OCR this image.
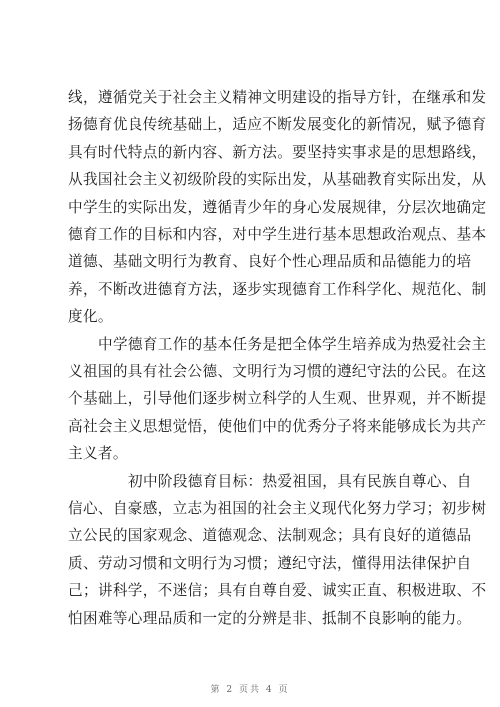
线，遵循党关于社会主义精神文明建设的指导方针，在继承和发
扬德育优良传统基础上，适应不断发展变化的新情况，赋予德育
具有时代特点的新内容、新方法。要坚持实事求是的思想路线，
从我国社会主义初级阶段的实际出发，从基础教育实际出发，从
中学生的实际出发，遵循青少年的身心发展规律，分层次地确定
德育工作的目标和内容，对中学生进行基本思想政治观点、基本
道德、基础文明行为教育、良好个性心理品质和品德能力的培
养，不断改进德育方法，逐步实现德育工作科学化、规范化、制
度化。
中学德育工作的基本任务是把全体学生培养成为热爱社会主
义祖国的具有社会公德、文明行为习惯的遵纪守法的公民。在这
个基础上，引导他们逐步树立科学的人生观、世界观，并不断提
高社会主义思想觉悟，使他们中的优秀分子将来能够成长为共产
主义者。
初中阶段德育目标：热爱祖国，具有民族自尊心、自
信心、自豪感，立志为祖国的社会主义现代化努力学习；初步树
立公民的国家观念、道德观念、法制观念；具有良好的道德品
质、劳动习惯和文明行为习惯；遵纪守法，懂得用法律保护自
己；讲科学，不迷信；具有自尊自爱、诚实正直、积极进取、不
怕困难等心理品质和一定的分辨是非、抵制不良影响的能力。
第 2 页共 4 页
